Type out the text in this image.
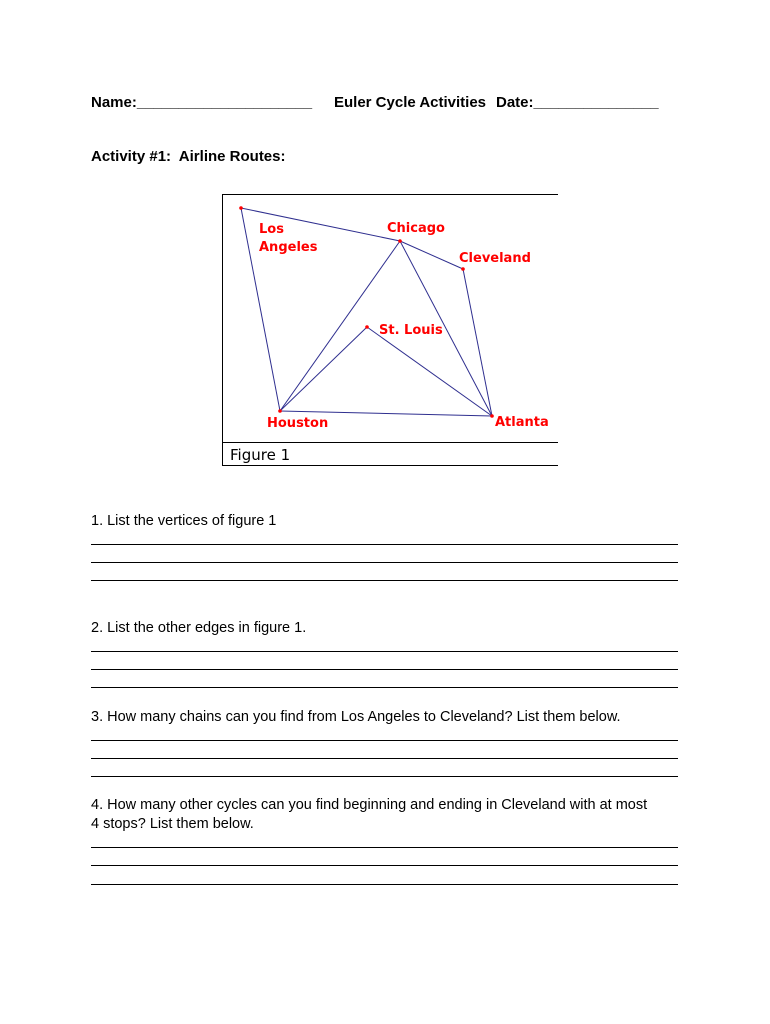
Name:_____________________ Euler Cycle Activities Date:_______________
Activity #1:  Airline Routes:
Los
Angeles
Chicago
Cleveland
St. Louis
Houston	Atlanta
Figure 1
1. List the vertices of figure 1
2. List the other edges in figure 1.
3. How many chains can you find from Los Angeles to Cleveland? List them below.
4. How many other cycles can you find beginning and ending in Cleveland with at most
4 stops? List them below.
